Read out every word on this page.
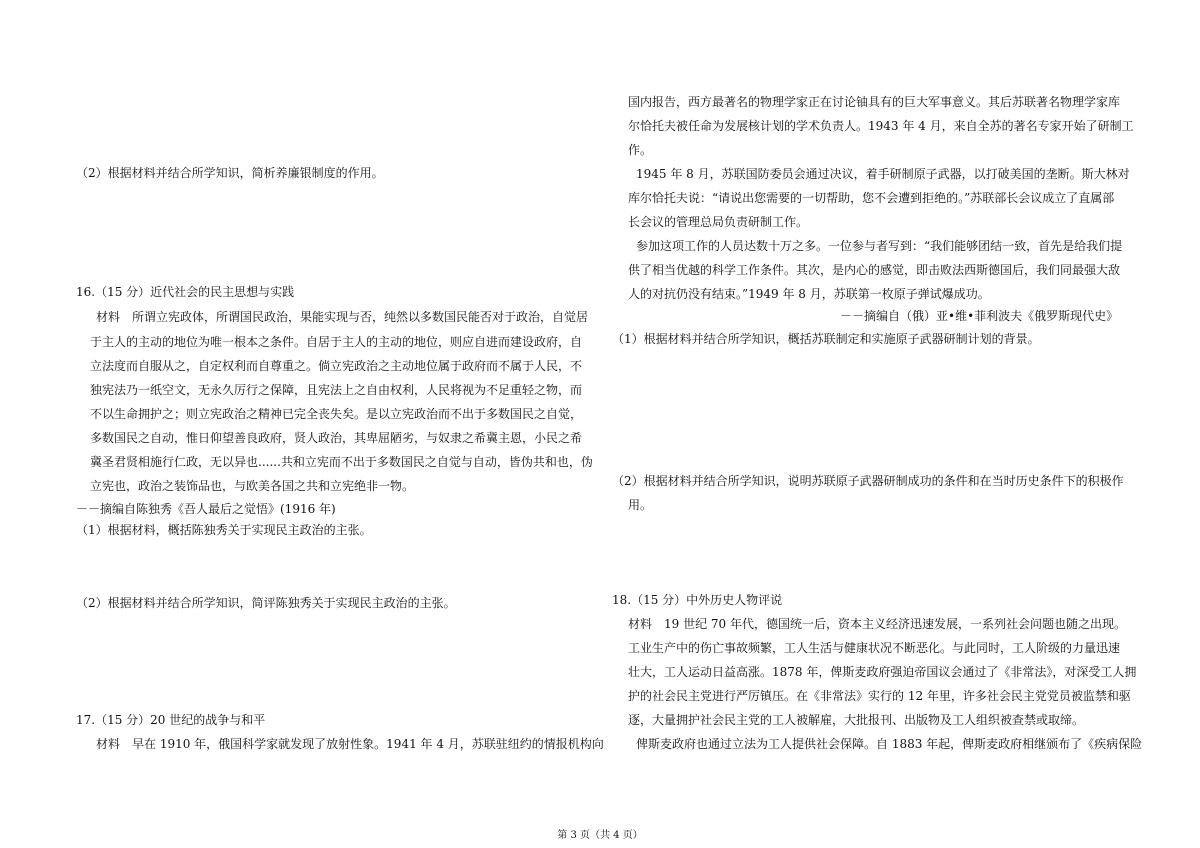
（2）根据材料并结合所学知识，简析养廉银制度的作用。
16.（15 分）近代社会的民主思想与实践
材料　所谓立宪政体，所谓国民政治，果能实现与否，纯然以多数国民能否对于政治，自觉居
于主人的主动的地位为唯一根本之条件。自居于主人的主动的地位，则应自进而建设政府，自
立法度而自服从之，自定权利而自尊重之。倘立宪政治之主动地位属于政府而不属于人民，不
独宪法乃一纸空文，无永久厉行之保障，且宪法上之自由权利，人民将视为不足重轻之物，而
不以生命拥护之；则立宪政治之精神已完全丧失矣。是以立宪政治而不出于多数国民之自觉，
多数国民之自动，惟日仰望善良政府，贤人政治，其卑屈陋劣，与奴隶之希冀主恩，小民之希
冀圣君贤相施行仁政，无以异也......共和立宪而不出于多数国民之自觉与自动，皆伪共和也，伪
立宪也，政治之装饰品也，与欧美各国之共和立宪绝非一物。
－－摘编自陈独秀《吾人最后之觉悟》(1916 年)
（1）根据材料，概括陈独秀关于实现民主政治的主张。
（2）根据材料并结合所学知识，简评陈独秀关于实现民主政治的主张。
17.（15 分）20 世纪的战争与和平
材料　早在 1910 年，俄国科学家就发现了放射性象。1941 年 4 月，苏联驻纽约的情报机构向
国内报告，西方最著名的物理学家正在讨论铀具有的巨大军事意义。其后苏联著名物理学家库
尔恰托夫被任命为发展核计划的学术负责人。1943 年 4 月，来自全苏的著名专家开始了研制工
作。
1945 年 8 月，苏联国防委员会通过决议，着手研制原子武器，以打破美国的垄断。斯大林对
库尔恰托夫说：“请说出您需要的一切帮助，您不会遭到拒绝的。”苏联部长会议成立了直属部
长会议的管理总局负责研制工作。
参加这项工作的人员达数十万之多。一位参与者写到：“我们能够团结一致，首先是给我们提
供了相当优越的科学工作条件。其次，是内心的感觉，即击败法西斯德国后，我们同最强大敌
人的对抗仍没有结束。”1949 年 8 月，苏联第一枚原子弹试爆成功。
－－摘编自（俄）亚•维•菲利波夫《俄罗斯现代史》
（1）根据材料并结合所学知识，概括苏联制定和实施原子武器研制计划的背景。
（2）根据材料并结合所学知识，说明苏联原子武器研制成功的条件和在当时历史条件下的积极作
用。
18.（15 分）中外历史人物评说
材料　19 世纪 70 年代，德国统一后，资本主义经济迅速发展，一系列社会问题也随之出现。
工业生产中的伤亡事故频繁，工人生活与健康状况不断恶化。与此同时，工人阶级的力量迅速
壮大，工人运动日益高涨。1878 年，俾斯麦政府强迫帝国议会通过了《非常法》，对深受工人拥
护的社会民主党进行严厉镇压。在《非常法》实行的 12 年里，许多社会民主党党员被监禁和驱
逐，大量拥护社会民主党的工人被解雇，大批报刊、出版物及工人组织被查禁或取缔。
俾斯麦政府也通过立法为工人提供社会保障。自 1883 年起，俾斯麦政府相继颁布了《疾病保险
第 3 页（共 4 页）
